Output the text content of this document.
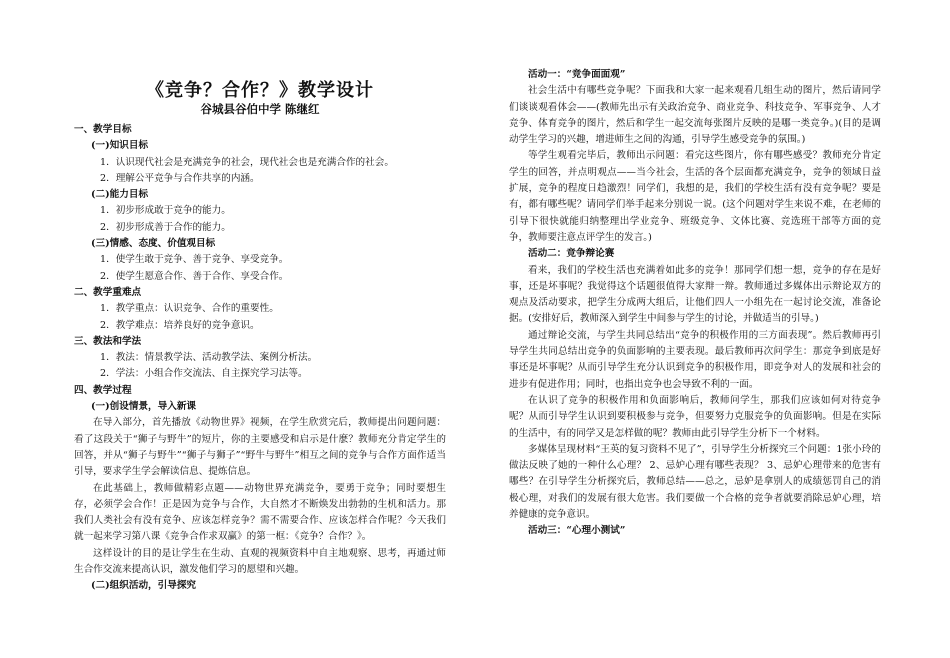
《竞争？合作？》教学设计
谷城县谷伯中学 陈继红

一、教学目标

(一)知识目标

1．认识现代社会是充满竞争的社会，现代社会也是充满合作的社会。

2．理解公平竞争与合作共享的内涵。

(二)能力目标

1．初步形成敢于竞争的能力。

2．初步形成善于合作的能力。

(三)情感、态度、价值观目标

1．使学生敢于竞争、善于竞争、享受竞争。

2．使学生愿意合作、善于合作、享受合作。

二、教学重难点

1．教学重点：认识竞争、合作的重要性。

2．教学难点：培养良好的竞争意识。

三、教法和学法

1．教法：情景教学法、活动教学法、案例分析法。

2．学法：小组合作交流法、自主探究学习法等。

四、教学过程

(一)创设情景，导入新课

在导入部分，首先播放《动物世界》视频，在学生欣赏完后，教师提出问题问题：看了这段关于“狮子与野牛”的短片，你的主要感受和启示是什麽？教师充分肯定学生的回答，并从“狮子与野牛”“狮子与狮子”“野牛与野牛”相互之间的竞争与合作方面作适当引导，要求学生学会解读信息、提炼信息。

在此基础上，教师做精彩点题——动物世界充满竞争，要勇于竞争；同时要想生存，必须学会合作！正是因为竞争与合作，大自然才不断焕发出勃勃的生机和活力。那我们人类社会有没有竞争、应该怎样竞争？需不需要合作、应该怎样合作呢？今天我们就一起来学习第八课《竞争合作求双赢》的第一框：《竞争？合作？》。

这样设计的目的是让学生在生动、直观的视频资料中自主地观察、思考，再通过师生合作交流来提高认识，激发他们学习的愿望和兴趣。

(二)组织活动，引导探究

活动一：“竞争面面观”

社会生活中有哪些竞争呢？下面我和大家一起来观看几组生动的图片，然后请同学们谈谈观看体会——(教师先出示有关政治竞争、商业竞争、科技竞争、军事竞争、人才竞争、体育竞争的图片，然后和学生一起交流每张图片反映的是哪一类竞争。)(目的是调动学生学习的兴趣，增进师生之间的沟通，引导学生感受竞争的氛围。)

等学生观看完毕后，教师出示问题：看完这些图片，你有哪些感受？教师充分肯定学生的回答，并点明观点——当今社会，生活的各个层面都充满竞争，竞争的领域日益扩展，竞争的程度日趋激烈！同学们，我想的是，我们的学校生活有没有竞争呢？要是有，都有哪些呢？请同学们举手起来分别说一说。(这个问题对学生来说不难，在老师的引导下很快就能归纳整理出学业竞争、班级竞争、文体比赛、竞选班干部等方面的竞争，教师要注意点评学生的发言。)

活动二：竞争辩论赛

看来，我们的学校生活也充满着如此多的竞争！那同学们想一想，竞争的存在是好事，还是坏事呢？我觉得这个话题很值得大家辩一辩。教师通过多媒体出示辩论双方的观点及活动要求，把学生分成两大组后，让他们四人一小组先在一起讨论交流，准备论据。(安排好后，教师深入到学生中间参与学生的讨论，并做适当的引导。)

通过辩论交流，与学生共同总结出“竞争的积极作用的三方面表现”。然后教师再引导学生共同总结出竞争的负面影响的主要表现。最后教师再次问学生：那竞争到底是好事还是坏事呢？从而引导学生充分认识到竞争的积极作用，即竞争对人的发展和社会的进步有促进作用；同时，也指出竞争也会导致不利的一面。

在认识了竞争的积极作用和负面影响后，教师问学生，那我们应该如何对待竞争呢？从而引导学生认识到要积极参与竞争，但要努力克服竞争的负面影响。但是在实际的生活中，有的同学又是怎样做的呢？教师由此引导学生分析下一个材料。

多媒体呈现材料“王英的复习资料不见了”，引导学生分析探究三个问题：1张小玲的做法反映了她的一种什么心理？ 2、忌妒心理有哪些表现？ 3、忌妒心理带来的危害有哪些？在引导学生分析探究后，教师总结——总之，忌妒是拿别人的成绩惩罚自己的消极心理，对我们的发展有很大危害。我们要做一个合格的竞争者就要消除忌妒心理，培养健康的竞争意识。

活动三：“心理小测试”
